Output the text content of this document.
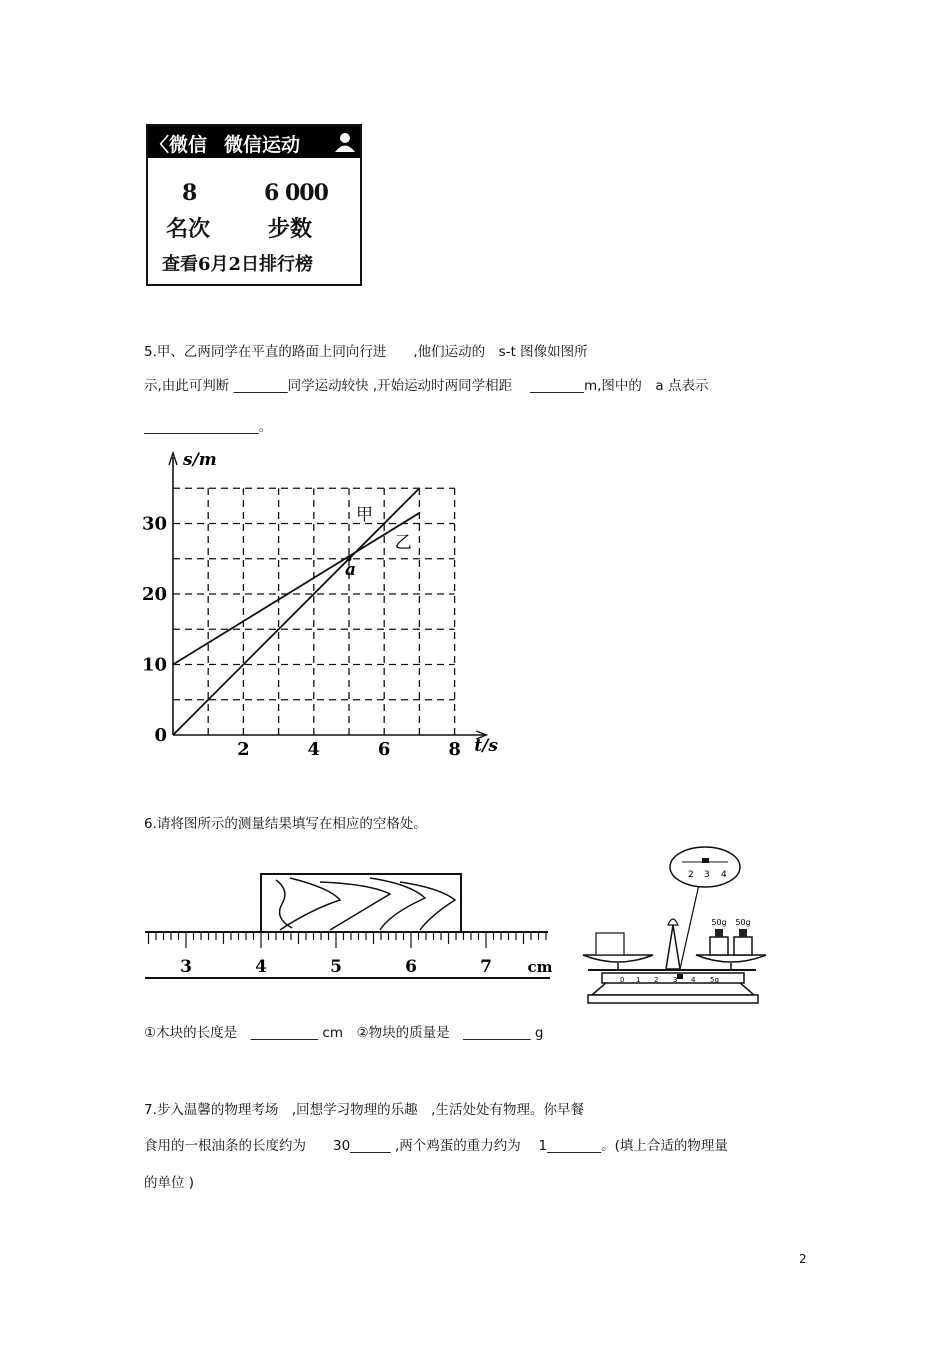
〈微信 微信运动
8	6 000
名次	步数
查看6月2日排行榜
5.甲、乙两同学在平直的路面上同向行进　　,他们运动的　s-t 图像如图所
示,由此可判断 ________同学运动较快 ,开始运动时两同学相距　 ________m,图中的　a 点表示
_________________。
s/m
t/s
2	4	6	8
0
10
20
30	甲
乙
a
6.请将图所示的测量结果填写在相应的空格处。
3	4	5	6	7 cm
50g 50g
2 3 4
0 1 2 3 4 5g
①木块的长度是　__________ cm　②物块的质量是　__________ g
7.步入温馨的物理考场　,回想学习物理的乐趣　,生活处处有物理。你早餐
食用的一根油条的长度约为　　30______ ,两个鸡蛋的重力约为　 1________。(填上合适的物理量
的单位 )
2
